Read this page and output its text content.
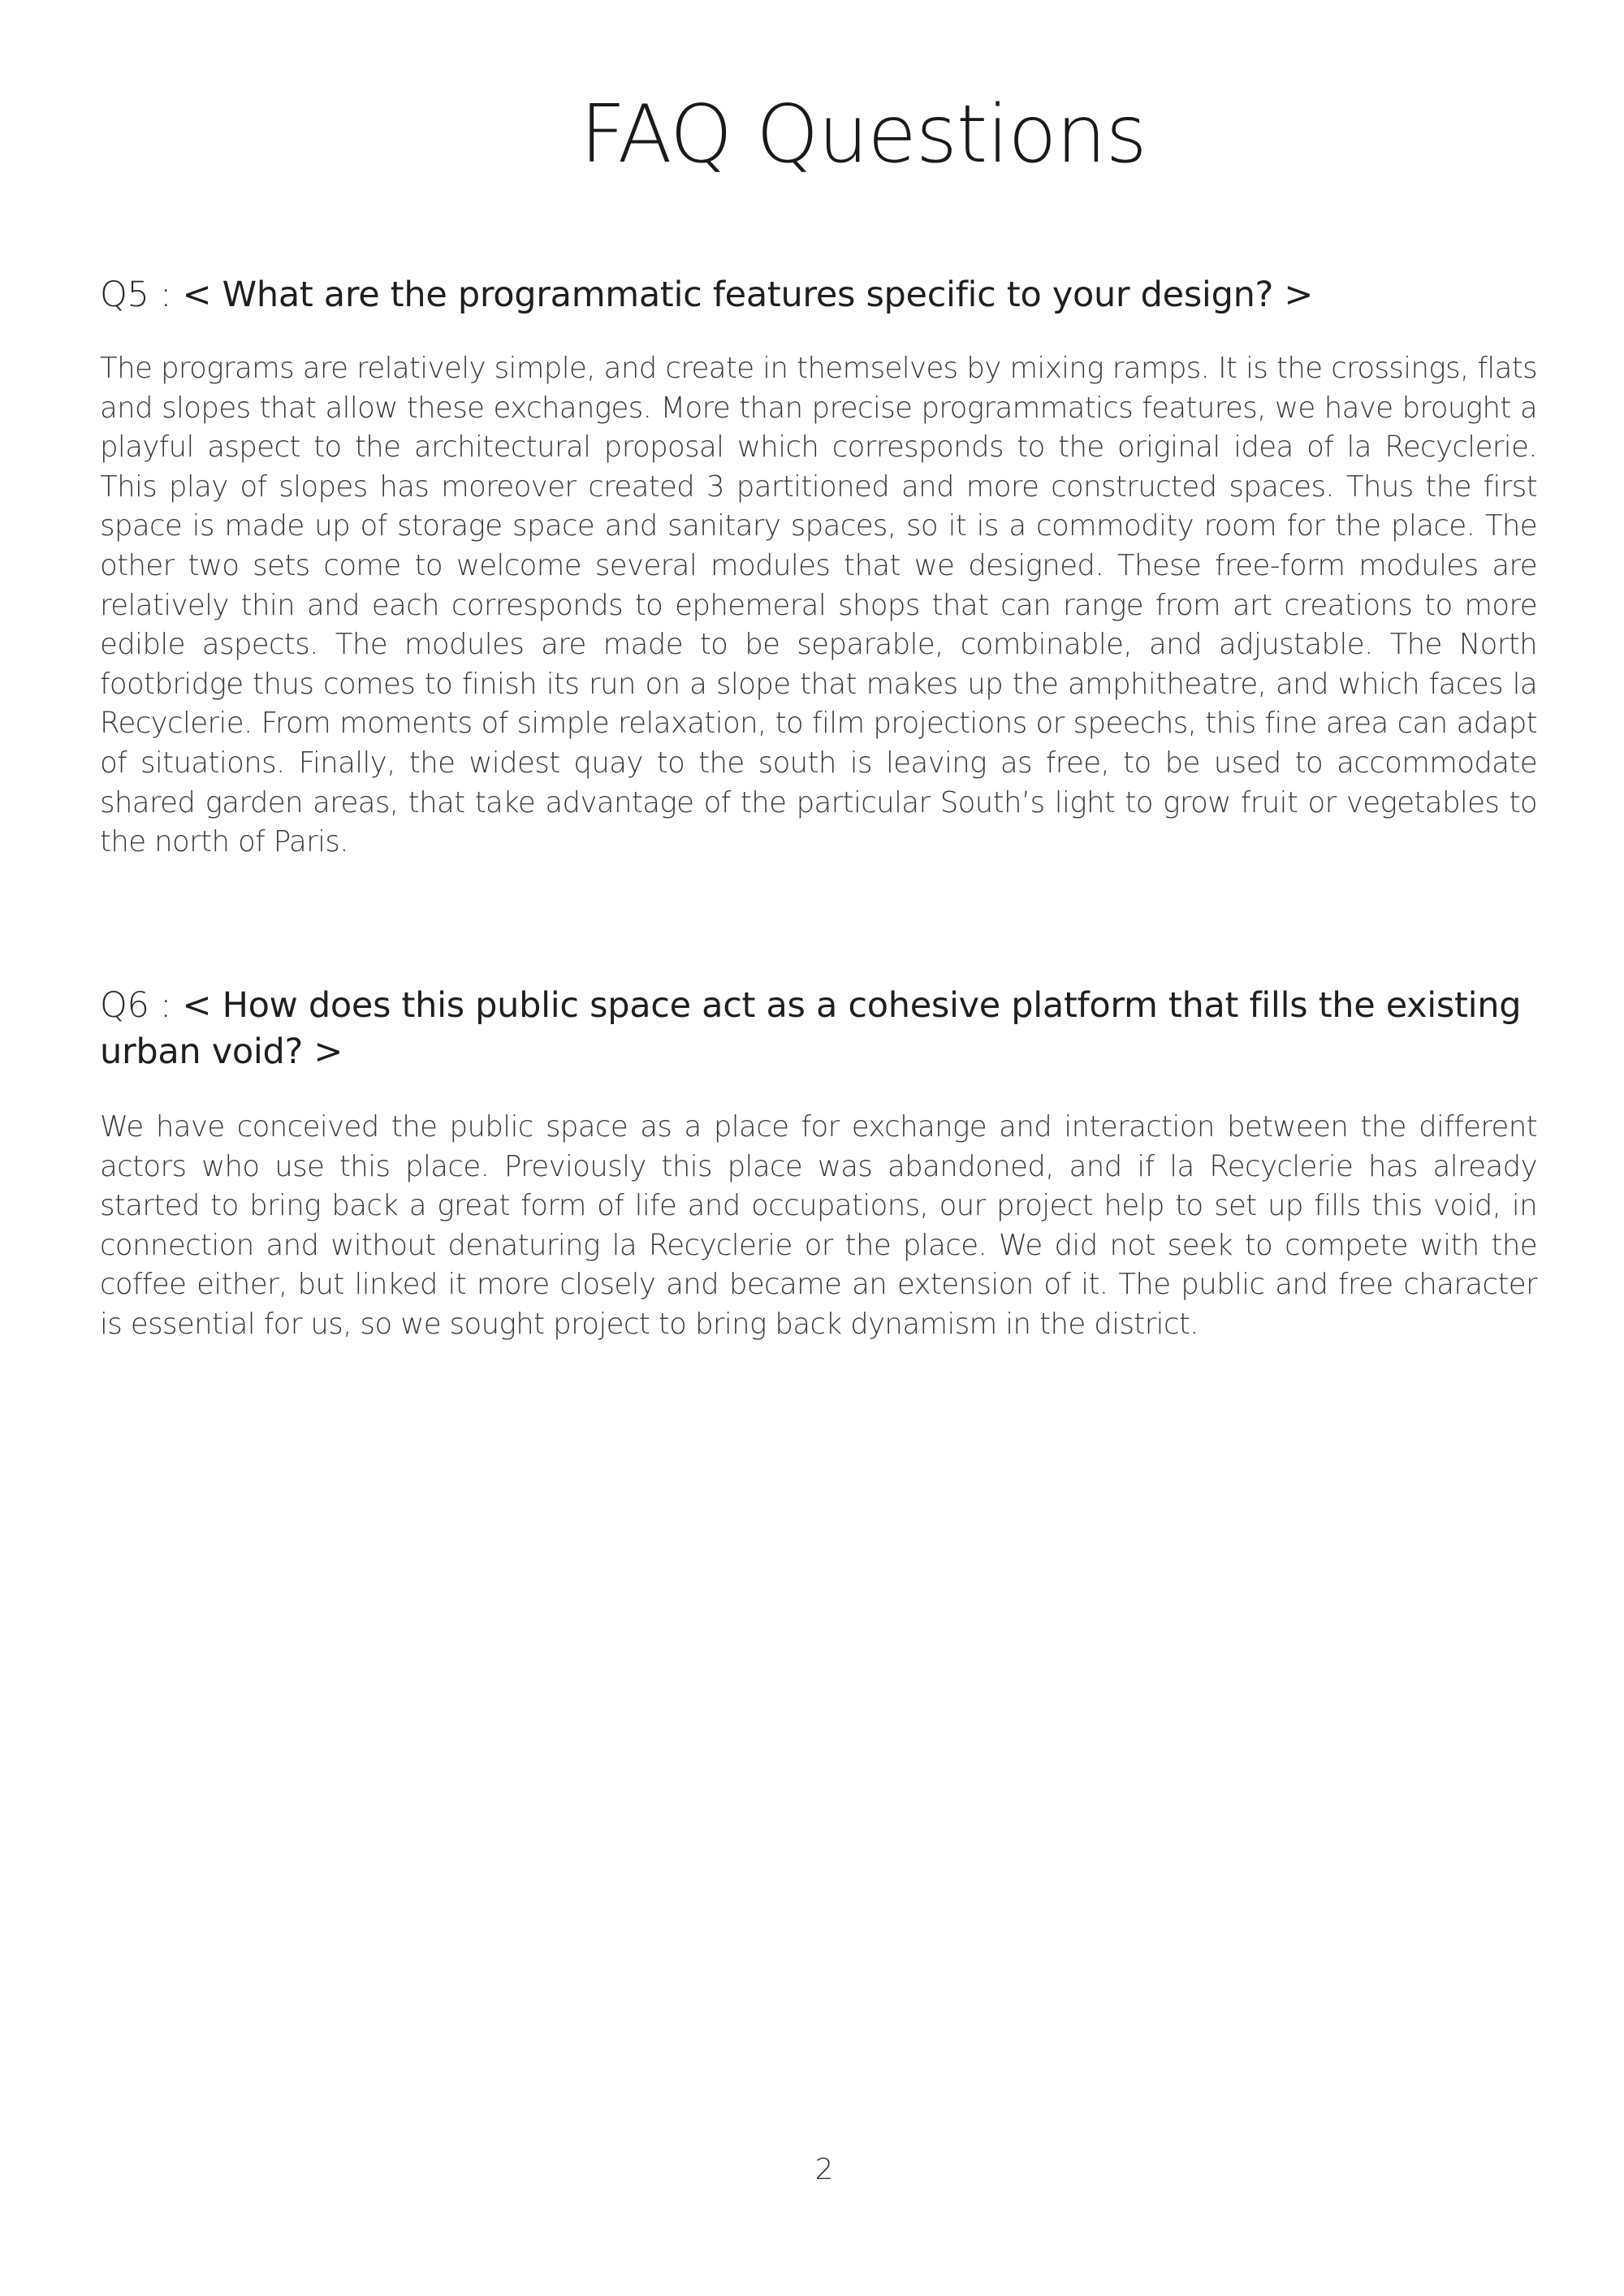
FAQ Questions
Q5 : < What are the programmatic features specific to your design? >

The programs are relatively simple, and create in themselves by mixing ramps. It is the crossings, flats and slopes that allow these exchanges. More than precise programmatics features, we have brought a playful aspect to the architectural proposal which corresponds to the original idea of la Recyclerie. This play of slopes has moreover created 3 partitioned and more constructed spaces. Thus the first space is made up of storage space and sanitary spaces, so it is a commodity room for the place. The other two sets come to welcome several modules that we designed. These free-form modules are relatively thin and each corresponds to ephemeral shops that can range from art creations to more edible aspects. The modules are made to be separable, combinable, and adjustable. The North footbridge thus comes to finish its run on a slope that makes up the amphitheatre, and which faces la Recyclerie. From moments of simple relaxation, to film projections or speechs, this fine area can adapt of situations. Finally, the widest quay to the south is leaving as free, to be used to accommodate shared garden areas, that take advantage of the particular South’s light to grow fruit or vegetables to the north of Paris.

Q6 : < How does this public space act as a cohesive platform that fills the existing urban void? >

We have conceived the public space as a place for exchange and interaction between the different actors who use this place. Previously this place was abandoned, and if la Recyclerie has already started to bring back a great form of life and occupations, our project help to set up fills this void, in connection and without denaturing la Recyclerie or the place. We did not seek to compete with the coffee either, but linked it more closely and became an extension of it. The public and free character is essential for us, so we sought project to bring back dynamism in the district.

2
